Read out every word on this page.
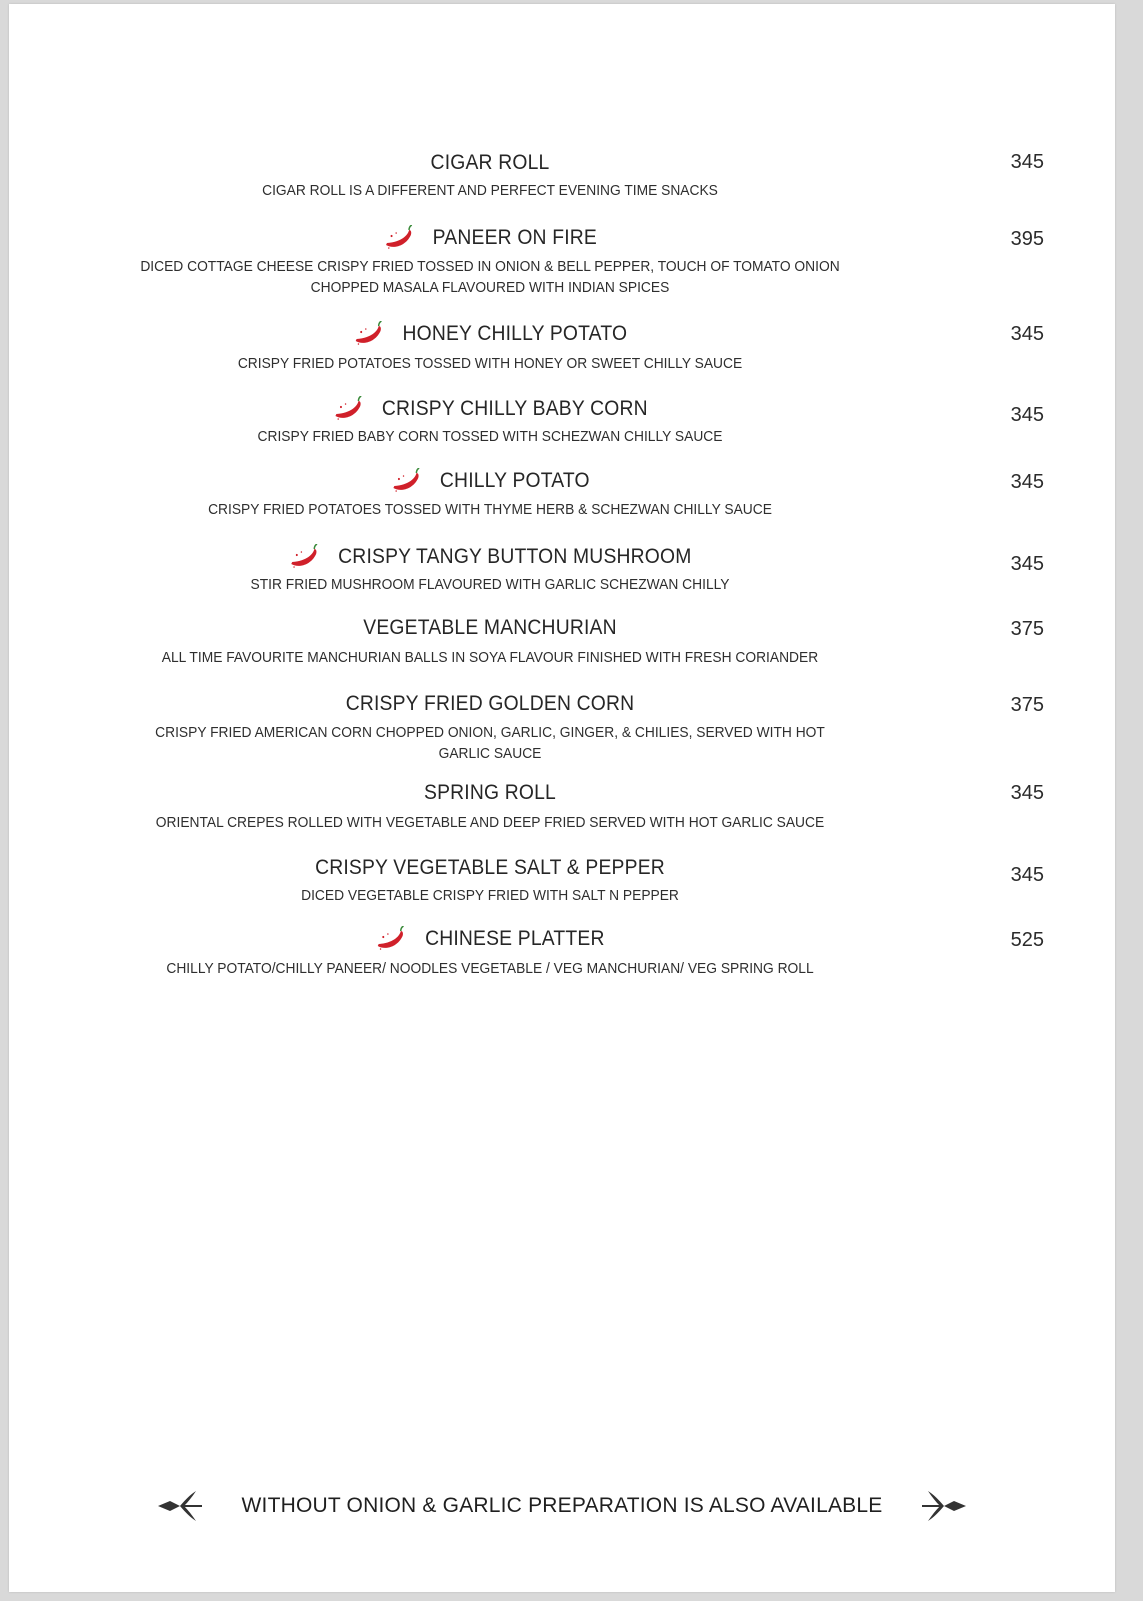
CIGAR ROLL	345
CIGAR ROLL IS A DIFFERENT AND PERFECT EVENING TIME SNACKS
PANEER ON FIRE	395
DICED COTTAGE CHEESE CRISPY FRIED TOSSED IN ONION & BELL PEPPER, TOUCH OF TOMATO ONION
CHOPPED MASALA FLAVOURED WITH INDIAN SPICES
HONEY CHILLY POTATO	345
CRISPY FRIED POTATOES TOSSED WITH HONEY OR SWEET CHILLY SAUCE
CRISPY CHILLY BABY CORN	345
CRISPY FRIED BABY CORN TOSSED WITH SCHEZWAN CHILLY SAUCE
CHILLY POTATO	345
CRISPY FRIED POTATOES TOSSED WITH THYME HERB & SCHEZWAN CHILLY SAUCE
CRISPY TANGY BUTTON MUSHROOM	345
STIR FRIED MUSHROOM FLAVOURED WITH GARLIC SCHEZWAN CHILLY
VEGETABLE MANCHURIAN	375
ALL TIME FAVOURITE MANCHURIAN BALLS IN SOYA FLAVOUR FINISHED WITH FRESH CORIANDER
CRISPY FRIED GOLDEN CORN	375
CRISPY FRIED AMERICAN CORN CHOPPED ONION, GARLIC, GINGER, & CHILIES, SERVED WITH HOT
GARLIC SAUCE
SPRING ROLL	345
ORIENTAL CREPES ROLLED WITH VEGETABLE AND DEEP FRIED SERVED WITH HOT GARLIC SAUCE
CRISPY VEGETABLE SALT & PEPPER	345
DICED VEGETABLE CRISPY FRIED WITH SALT N PEPPER
CHINESE PLATTER	525
CHILLY POTATO/CHILLY PANEER/ NOODLES VEGETABLE / VEG MANCHURIAN/ VEG SPRING ROLL
WITHOUT ONION & GARLIC PREPARATION IS ALSO AVAILABLE
